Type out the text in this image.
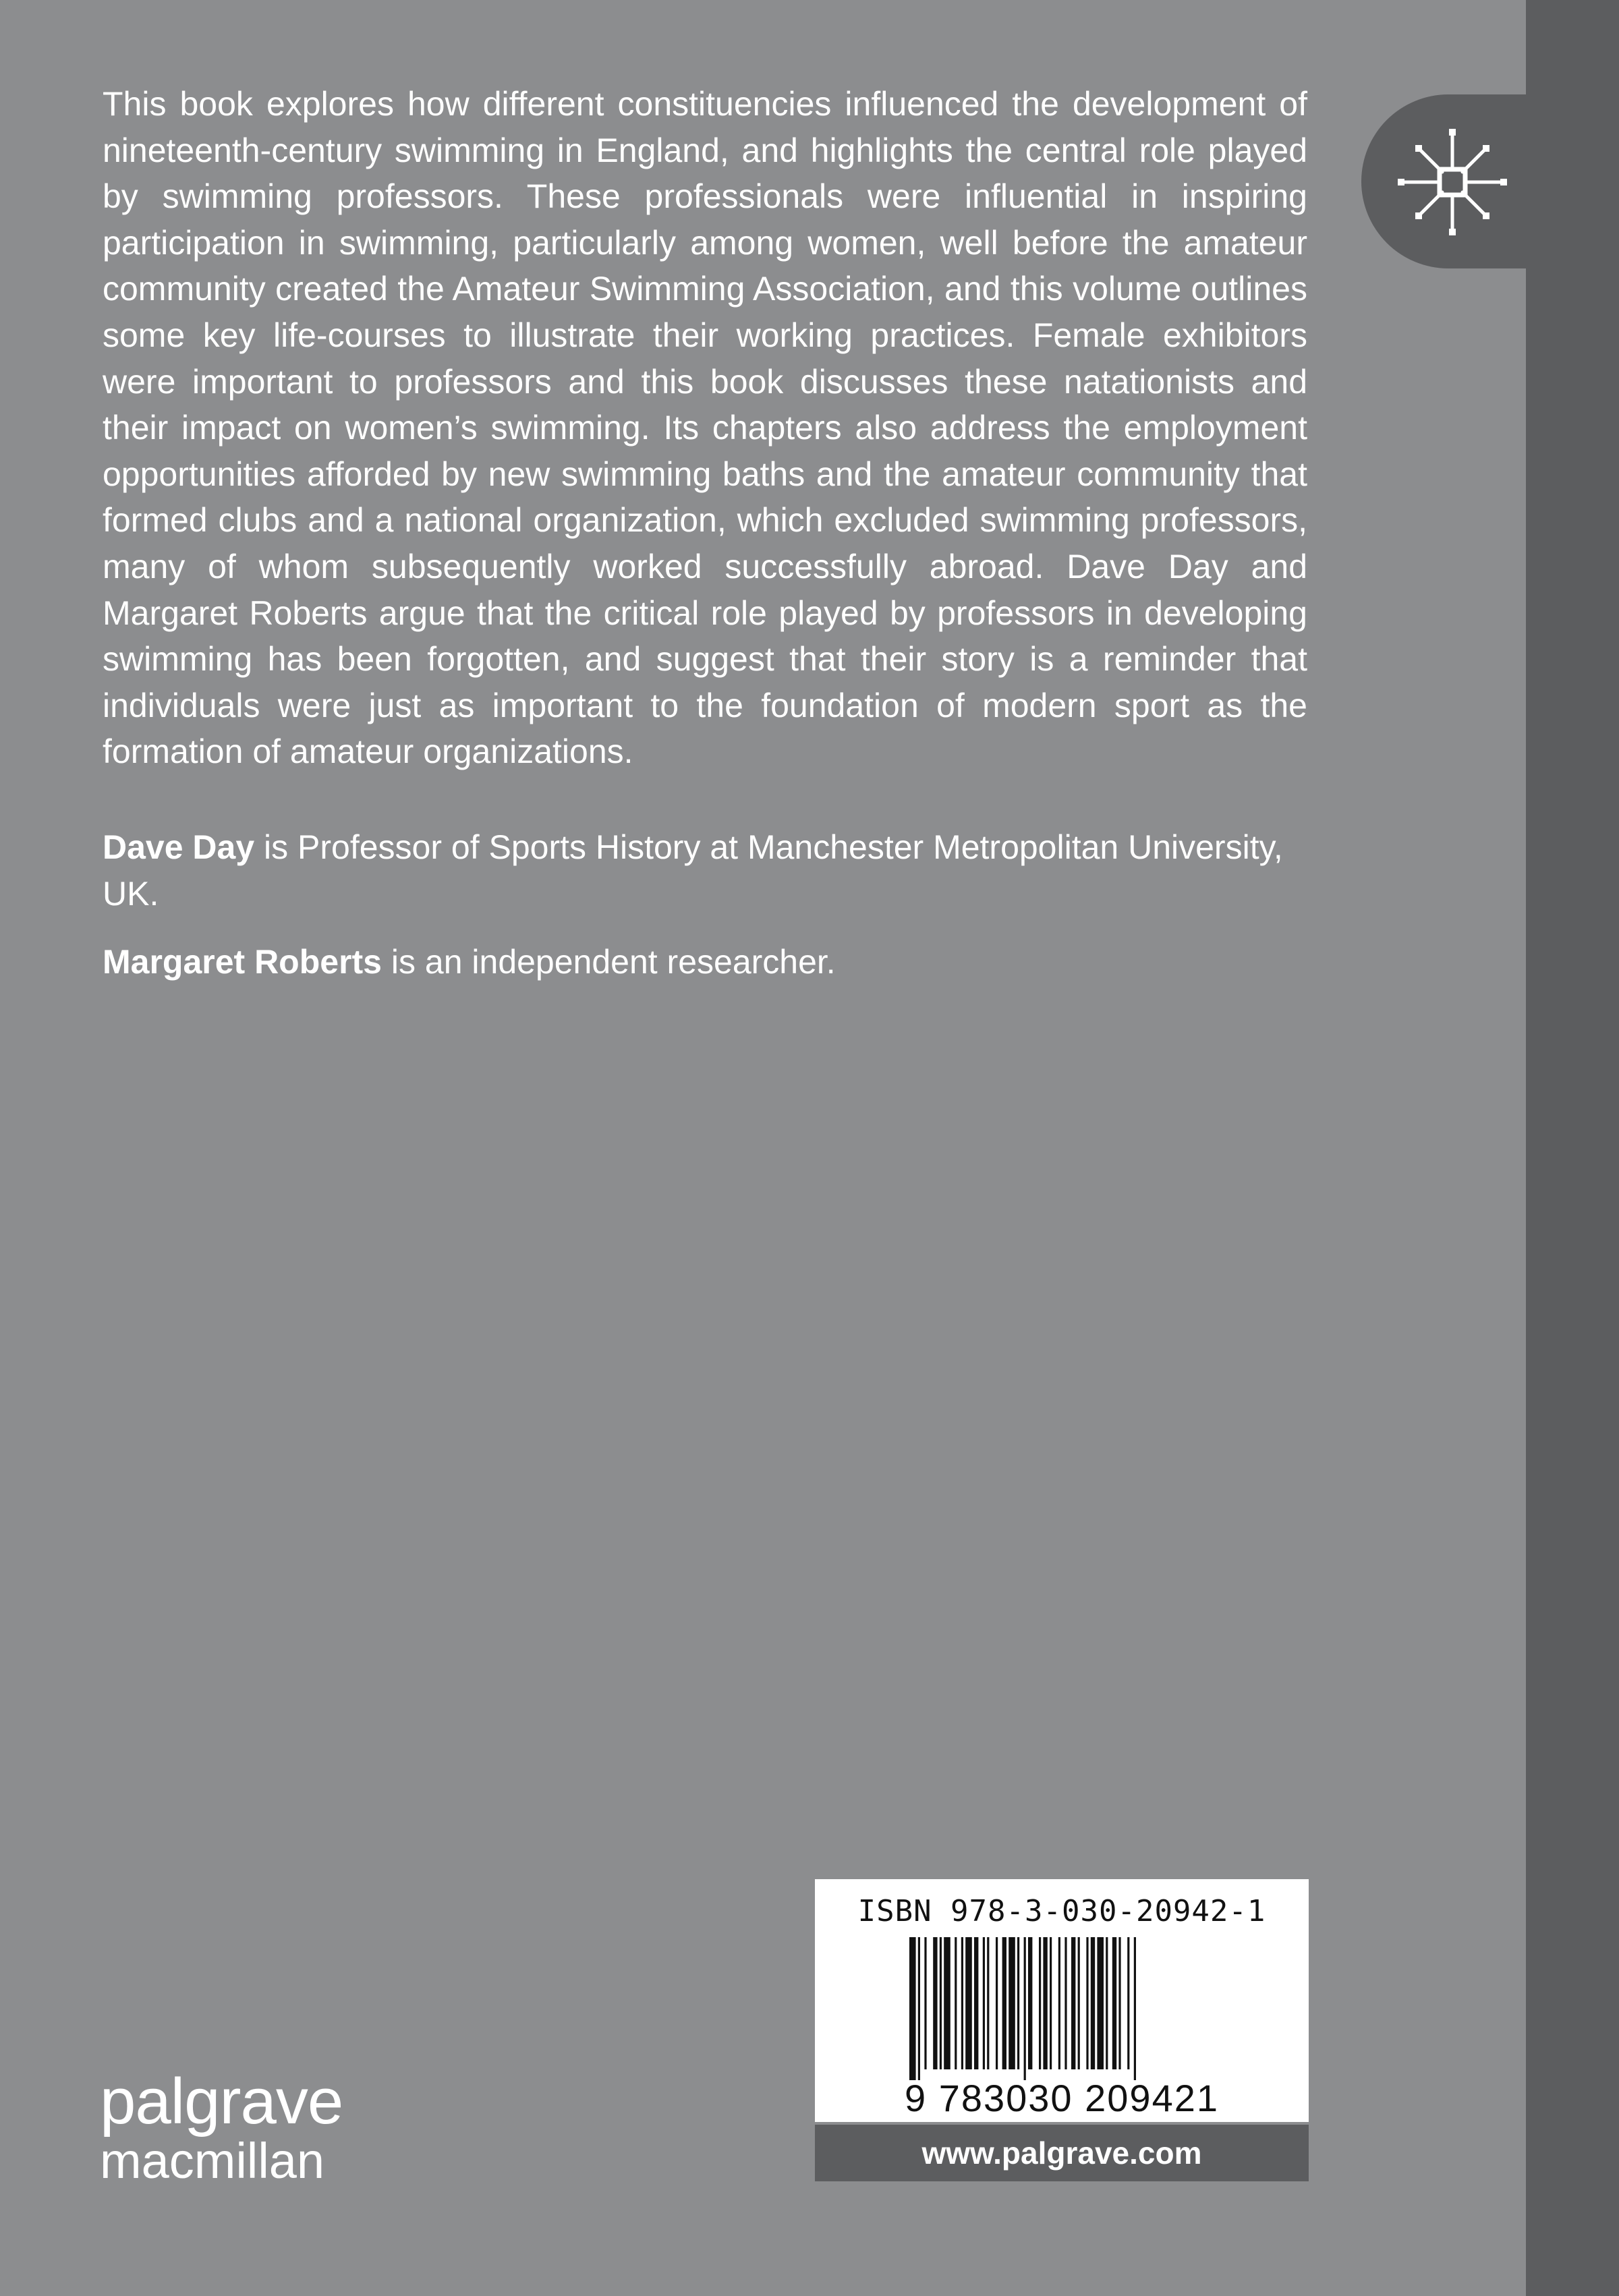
This book explores how different constituencies influenced the development of nineteenth-century swimming in England, and highlights the central role played by swimming professors. These professionals were influential in inspiring participation in swimming, particularly among women, well before the amateur community created the Amateur Swimming Association, and this volume outlines some key life-courses to illustrate their working practices. Female exhibitors were important to professors and this book discusses these natationists and their impact on women’s swimming. Its chapters also address the employment opportunities afforded by new swimming baths and the amateur community that formed clubs and a national organization, which excluded swimming professors, many of whom subsequently worked successfully abroad. Dave Day and Margaret Roberts argue that the critical role played by professors in developing swimming has been forgotten, and suggest that their story is a reminder that individuals were just as important to the foundation of modern sport as the formation of amateur organizations.

Dave Day is Professor of Sports History at Manchester Metropolitan University, UK.

Margaret Roberts is an independent researcher.

ISBN 978-3-030-20942-1
9 783030 209421
www.palgrave.com
palgrave
macmillan
